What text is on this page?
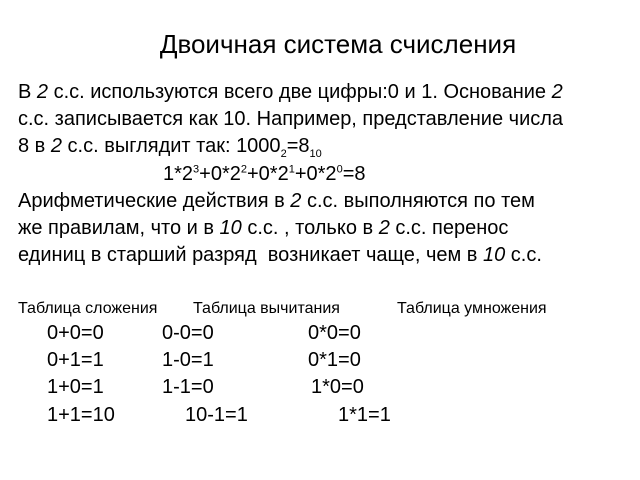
Двоичная система счисления
В 2 с.с. используются всего две цифры:0 и 1. Основание 2
с.с. записывается как 10. Например, представление числа
8 в 2 с.с. выглядит так: $1000_2=8_{10}$
$1*2^3+0*2^2+0*2^1+0*2^0=8$
Арифметические действия в 2 с.с. выполняются по тем
же правилам, что и в 10 с.с. , только в 2 с.с. перенос
единиц в старший разряд  возникает чаще, чем в 10 с.с.
Таблица сложения Таблица вычитания	Таблица умножения
0+0=0
0+1=1
1+0=1
1+1=10
0-0=0
1-0=1
1-1=0
10-1=1
0*0=0
0*1=0
1*0=0
1*1=1
